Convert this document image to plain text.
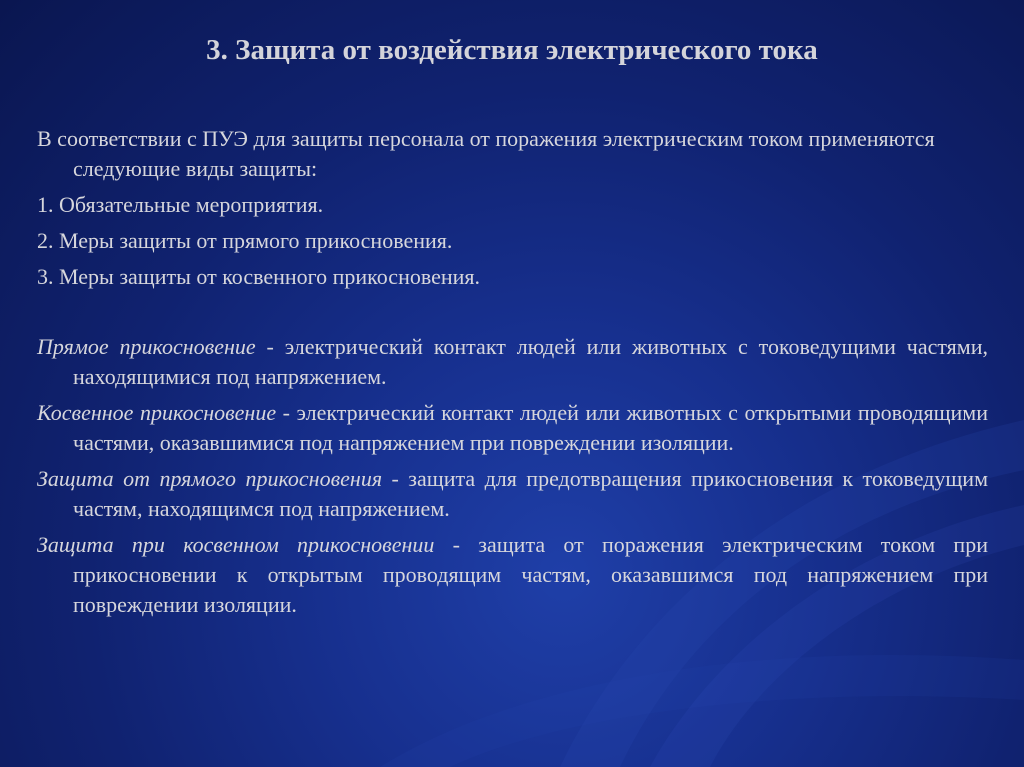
3. Защита от воздействия электрического тока

В соответствии с ПУЭ для защиты персонала от поражения электрическим током применяются следующие виды защиты:

1. Обязательные мероприятия.

2. Меры защиты от прямого прикосновения.

3. Меры защиты от косвенного прикосновения.

Прямое прикосновение - электрический контакт людей или животных с токоведущими частями, находящимися под напряжением.

Косвенное прикосновение - электрический контакт людей или животных с открытыми проводящими частями, оказавшимися под напряжением при повреждении изоляции.

Защита от прямого прикосновения - защита для предотвращения прикосновения к токоведущим частям, находящимся под напряжением.

Защита при косвенном прикосновении - защита от поражения электрическим током при прикосновении к открытым проводящим частям, оказавшимся под напряжением при повреждении изоляции.
